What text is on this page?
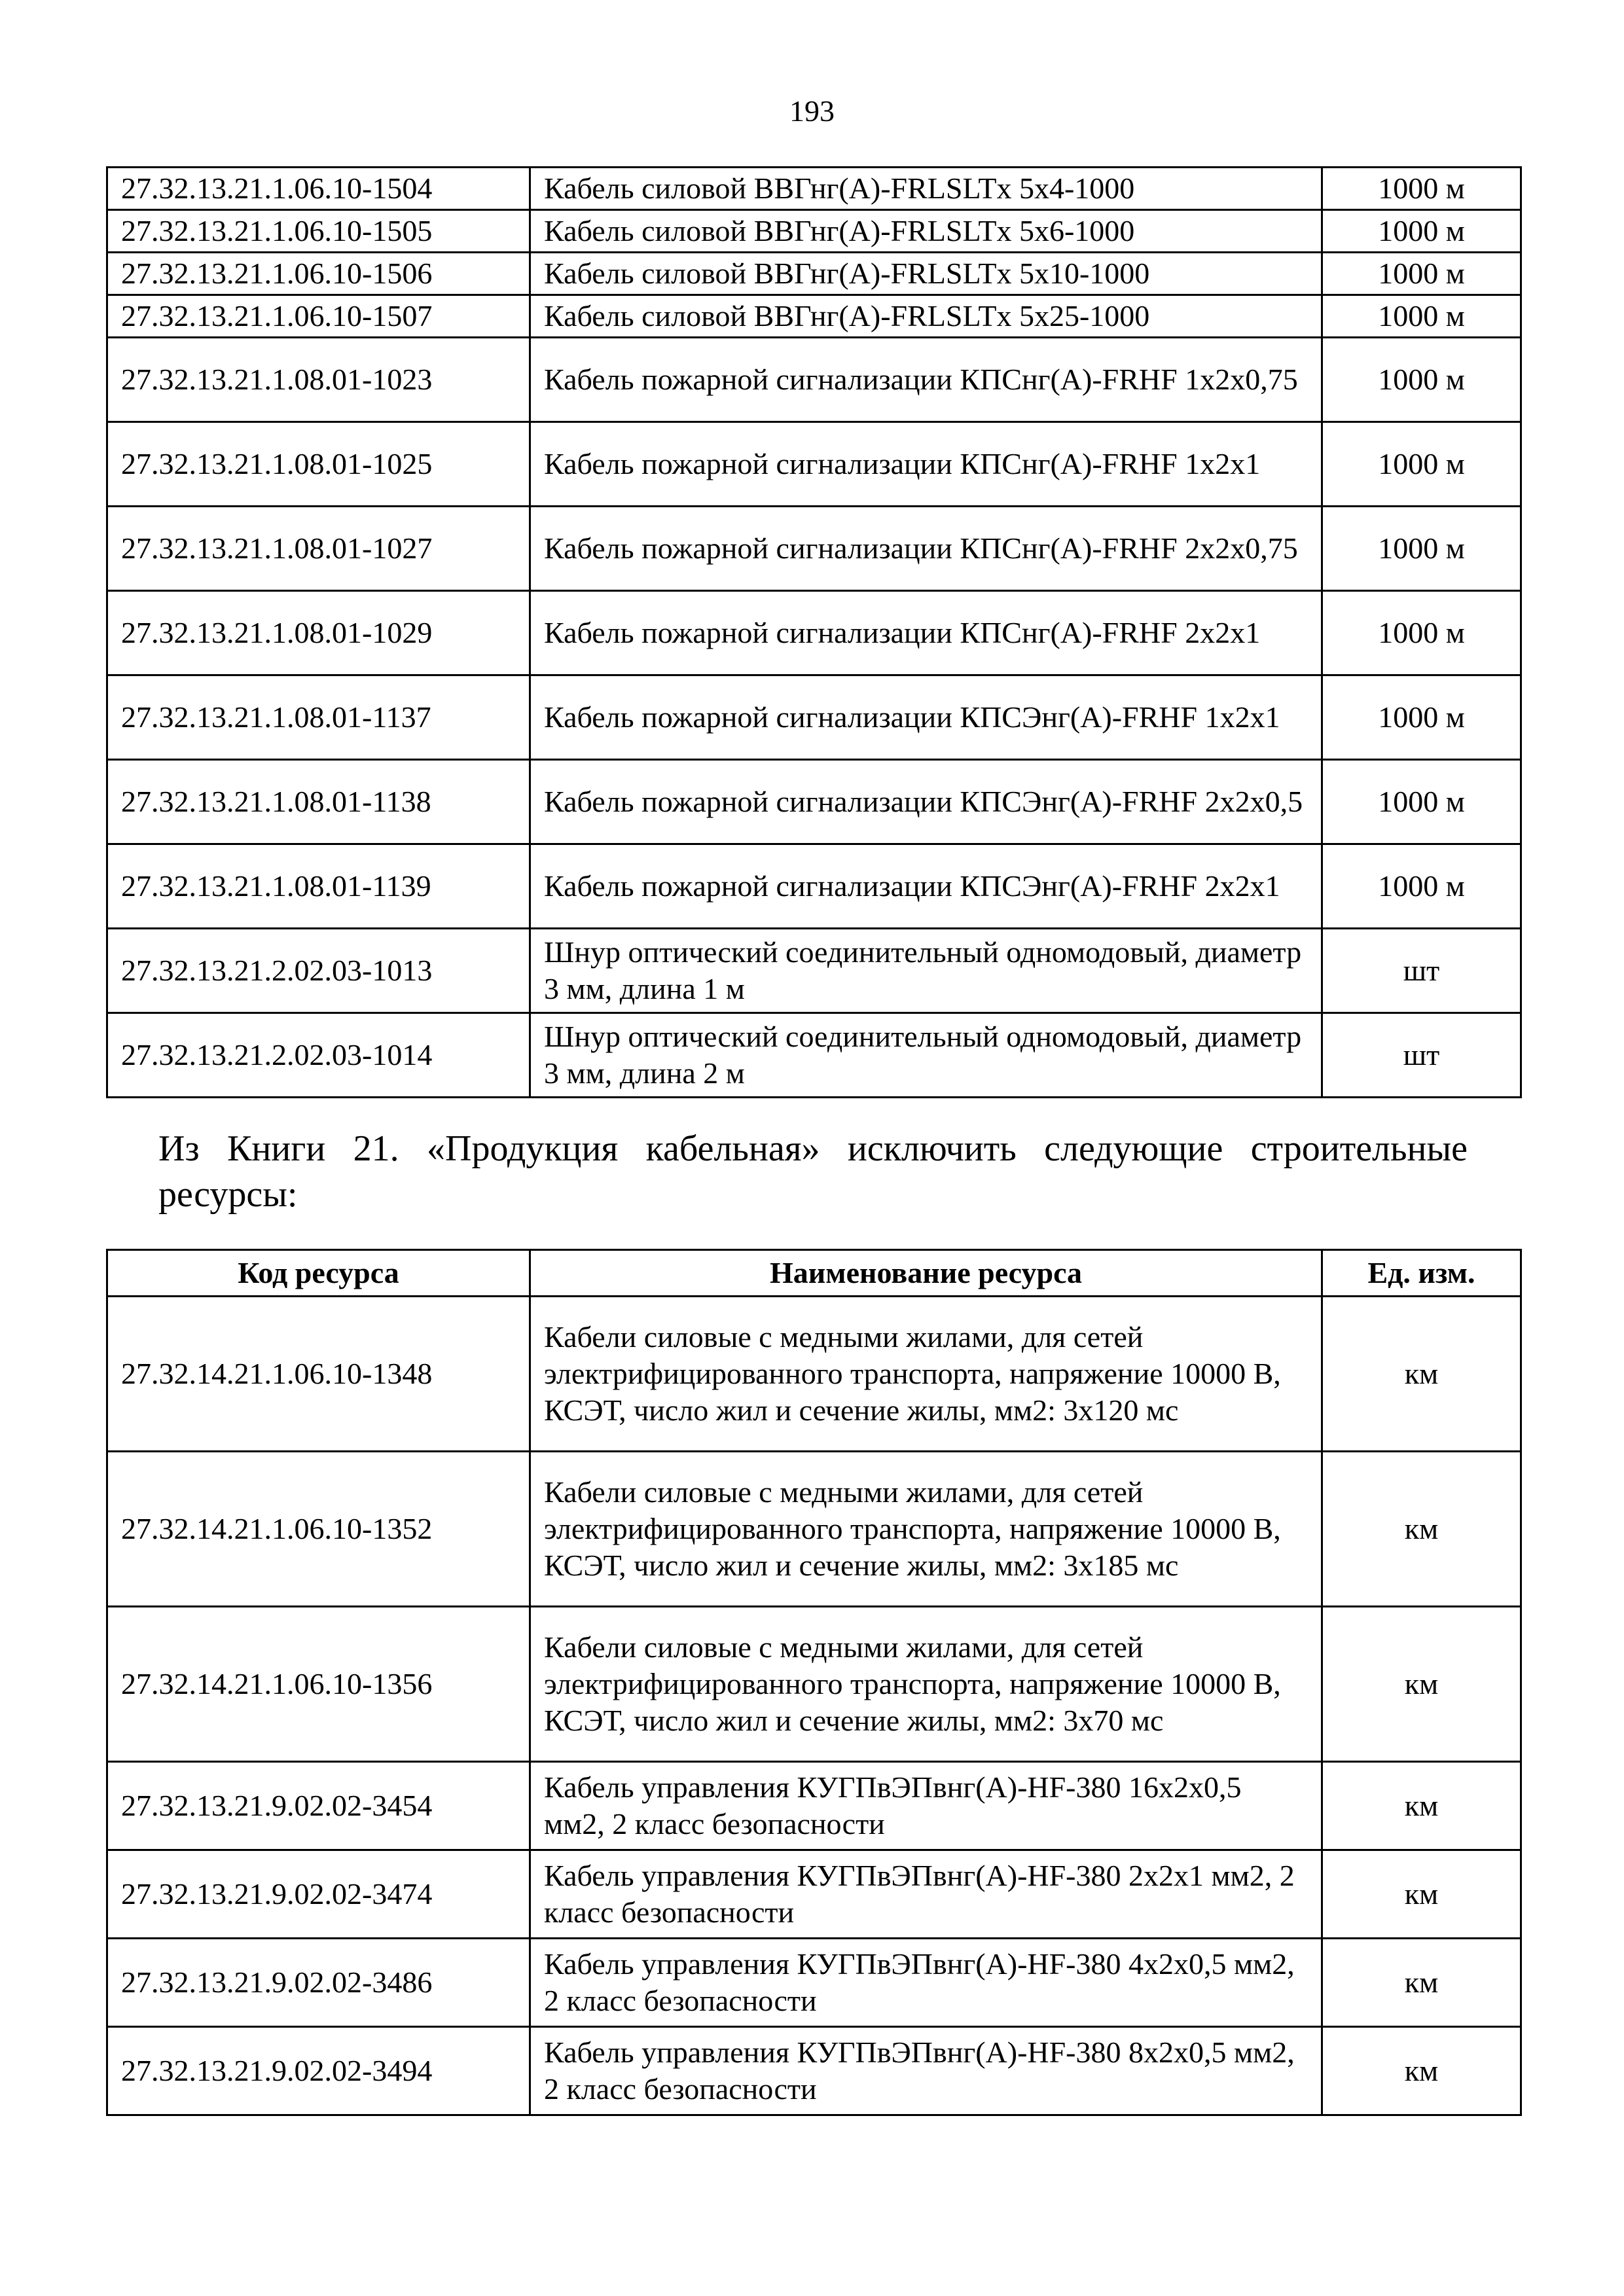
193
27.32.13.21.1.06.10-1504	Кабель силовой ВВГнг(А)-FRLSLTx 5x4-1000	1000 м
27.32.13.21.1.06.10-1505	Кабель силовой ВВГнг(А)-FRLSLTx 5x6-1000	1000 м
27.32.13.21.1.06.10-1506	Кабель силовой ВВГнг(А)-FRLSLTx 5x10-1000	1000 м
27.32.13.21.1.06.10-1507	Кабель силовой ВВГнг(А)-FRLSLTx 5x25-1000	1000 м
27.32.13.21.1.08.01-1023	Кабель пожарной сигнализации КПСнг(А)-FRHF 1x2x0,75	1000 м
27.32.13.21.1.08.01-1025	Кабель пожарной сигнализации КПСнг(А)-FRHF 1x2x1	1000 м
27.32.13.21.1.08.01-1027	Кабель пожарной сигнализации КПСнг(А)-FRHF 2x2x0,75	1000 м
27.32.13.21.1.08.01-1029	Кабель пожарной сигнализации КПСнг(А)-FRHF 2x2x1	1000 м
27.32.13.21.1.08.01-1137	Кабель пожарной сигнализации КПСЭнг(А)-FRHF 1x2x1	1000 м
27.32.13.21.1.08.01-1138	Кабель пожарной сигнализации КПСЭнг(А)-FRHF 2x2x0,5	1000 м
27.32.13.21.1.08.01-1139	Кабель пожарной сигнализации КПСЭнг(А)-FRHF 2x2x1	1000 м
27.32.13.21.2.02.03-1013	Шнур оптический соединительный одномодовый, диаметр 3 мм, длина 1 м	шт
27.32.13.21.2.02.03-1014	Шнур оптический соединительный одномодовый, диаметр 3 мм, длина 2 м	шт
Из Книги 21. «Продукция кабельная» исключить следующие строительные ресурсы:
Код ресурса	Наименование ресурса	Ед. изм.
27.32.14.21.1.06.10-1348	Кабели силовые с медными жилами, для сетей электрифицированного транспорта, напряжение 10000 В, КСЭТ, число жил и сечение жилы, мм2: 3x120 мс	км
27.32.14.21.1.06.10-1352	Кабели силовые с медными жилами, для сетей электрифицированного транспорта, напряжение 10000 В, КСЭТ, число жил и сечение жилы, мм2: 3x185 мс	км
27.32.14.21.1.06.10-1356	Кабели силовые с медными жилами, для сетей электрифицированного транспорта, напряжение 10000 В, КСЭТ, число жил и сечение жилы, мм2: 3x70 мс	км
27.32.13.21.9.02.02-3454	Кабель управления КУГПвЭПвнг(А)-HF-380 16x2x0,5 мм2, 2 класс безопасности	км
27.32.13.21.9.02.02-3474	Кабель управления КУГПвЭПвнг(А)-HF-380 2x2x1 мм2, 2 класс безопасности	км
27.32.13.21.9.02.02-3486	Кабель управления КУГПвЭПвнг(А)-HF-380 4x2x0,5 мм2, 2 класс безопасности	км
27.32.13.21.9.02.02-3494	Кабель управления КУГПвЭПвнг(А)-HF-380 8x2x0,5 мм2, 2 класс безопасности	км
